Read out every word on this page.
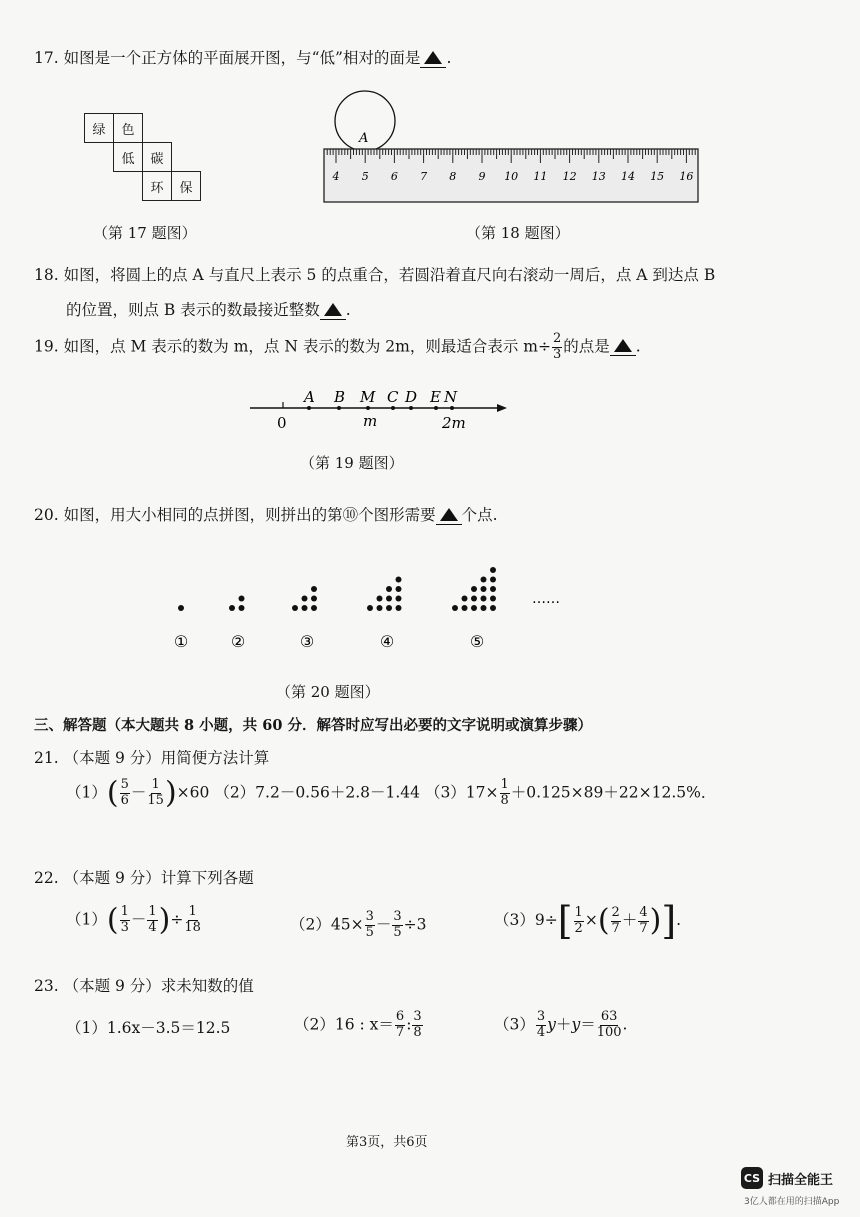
17. 如图是一个正方体的平面展开图，与“低”相对的面是 .
绿	色
低	碳
环	保
（第 17 题图）
A
4 5 6 7 8 9 10 11 12 13 14 15 16
（第 18 题图）
18. 如图，将圆上的点 A 与直尺上表示 5 的点重合，若圆沿着直尺向右滚动一周后，点 A 到达点 B
的位置，则点 B 表示的数最接近整数 .
19. 如图，点 M 表示的数为 m，点 N 表示的数为 2m，则最适合表示 $m\div \frac{2}{3}$ 的点是 .
A B M C D E N
m	2m
0
（第 19 题图）
20. 如图，用大小相同的点拼图，则拼出的第⑩个图形需要 个点.
①	②	③	④	⑤
……
（第 20 题图）
三、解答题（本大题共 8 小题，共 60 分．解答时应写出必要的文字说明或演算步骤）
21. （本题 9 分）用简便方法计算
$(1)( \frac{5}{6} - \frac{1}{15} )\times 60$ （2）7.2－0.56＋2.8－1.44 $(3)17\times \frac{1}{8} +0.125\times 89+22\times 12.5\%$．
22. （本题 9 分）计算下列各题
$(1)( \frac{1}{3} - \frac{1}{4}$ )÷ $\frac{1}{18}$	$(2)45\times \frac{3}{5} - \frac{3}{5} \div 3$	$(3)9\div[ \frac{1}{2}$ ×( $\frac{2}{7} + \frac{4}{7}$ )].
23. （本题 9 分）求未知数的值
（1）1.6x－3.5＝12.5	（2）16 : $x= \frac{6}{7}$ : $\frac{3}{8}$	$(3) \frac{3}{4} y+y= \frac{63}{100}$ .
第3页，共6页
CS 扫描全能王
3亿人都在用的扫描App
